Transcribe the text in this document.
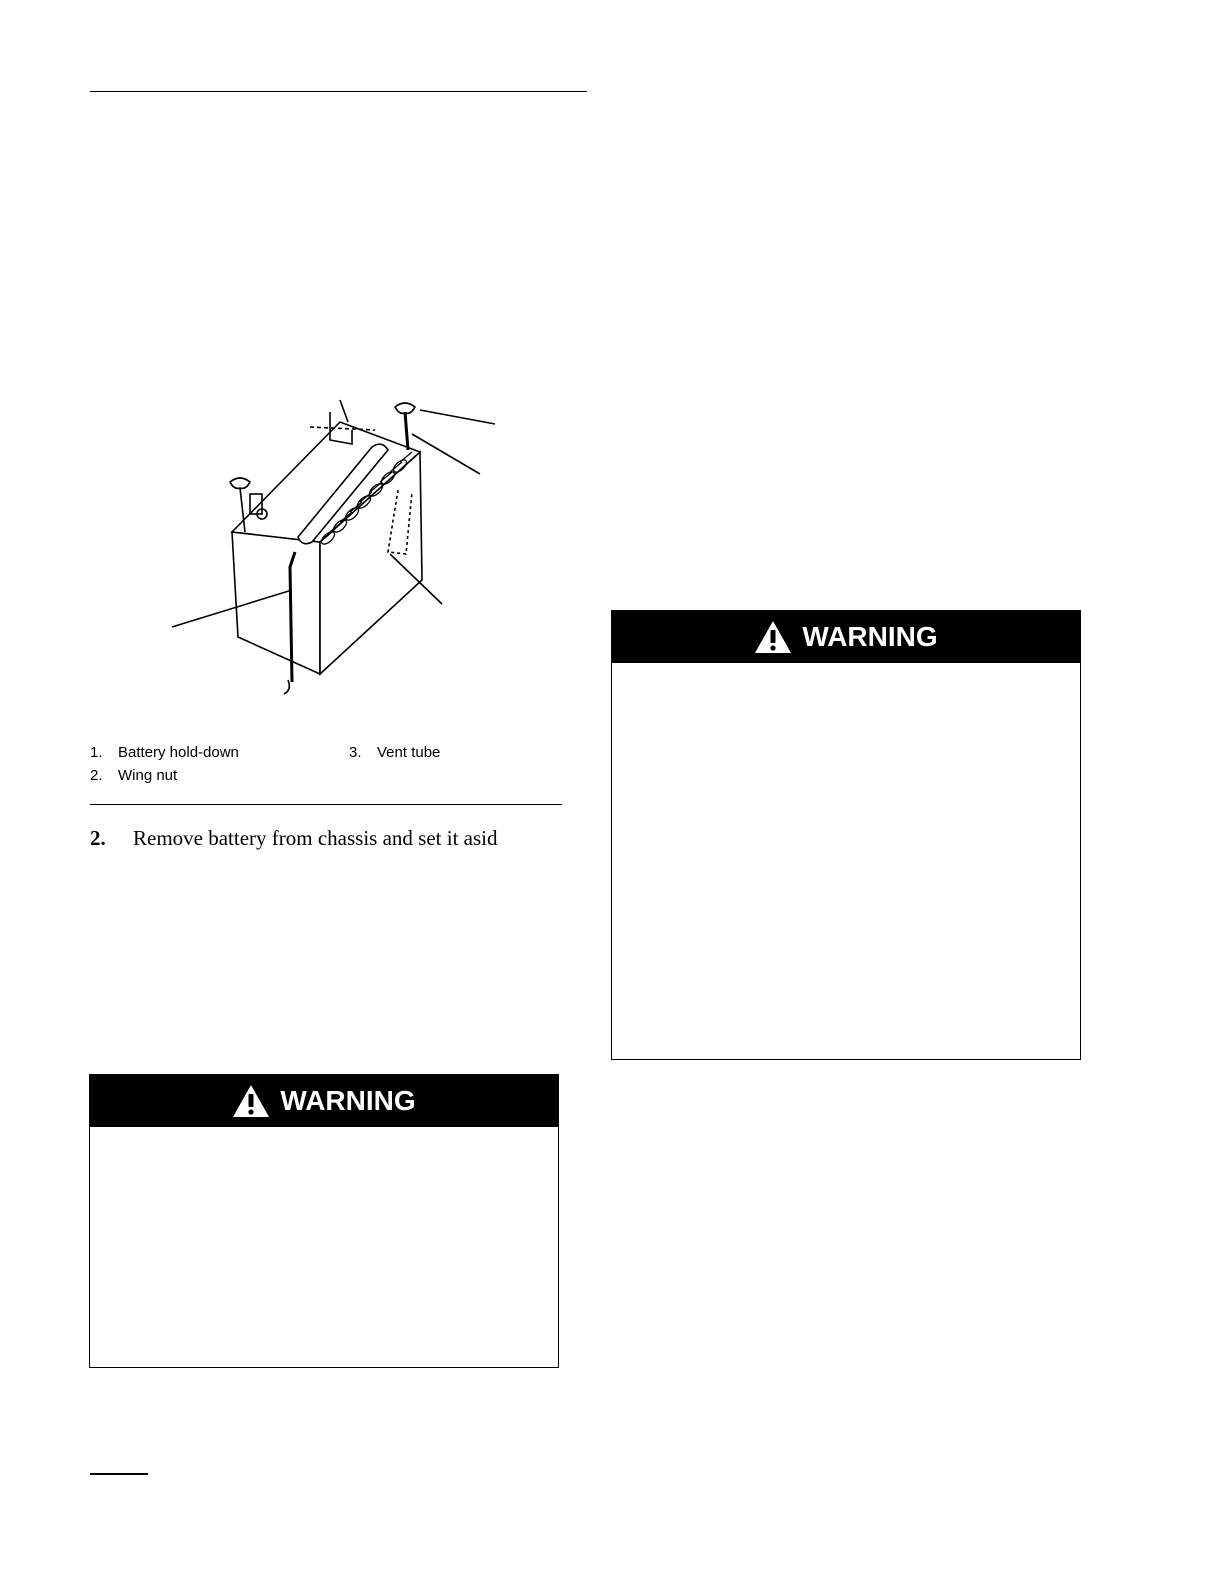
1. Battery hold-down
2. Wing nut
3. Vent tube
2. Remove battery from chassis and set it asid
WARNING
WARNING
